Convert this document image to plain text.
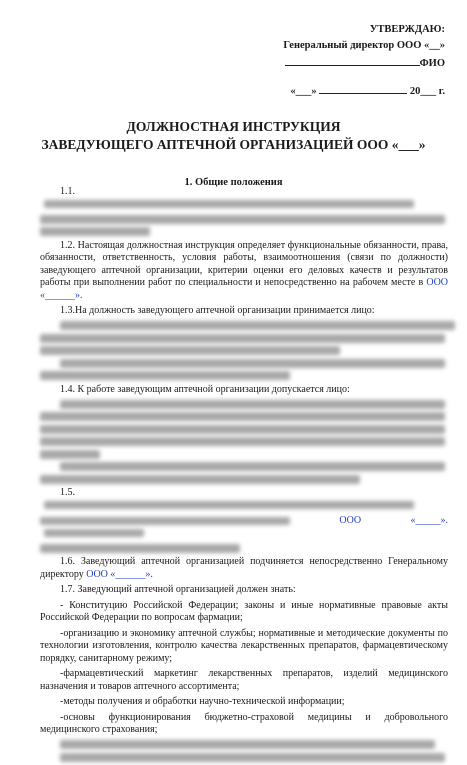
УТВЕРЖДАЮ:
Генеральный директор ООО «__»
ФИО
«___»	20___ г.
ДОЛЖНОСТНАЯ ИНСТРУКЦИЯ
ЗАВЕДУЮЩЕГО АПТЕЧНОЙ ОРГАНИЗАЦИЕЙ ООО «___»
1. Общие положения

1.1.

1.2. Настоящая должностная инструкция определяет функциональные обязанности, права, обязанности, ответственность, условия работы, взаимоотношения (связи по должности) заведующего аптечной организации, критерии оценки его деловых качеств и результатов работы при выполнении работ по специальности и непосредственно на рабочем месте в ООО «______».

1.3.На должность заведующего аптечной организации принимается лицо:

1.4. К работе заведующим аптечной организации допускается лицо:

1.5.

ООО «_____».

1.6. Заведующий аптечной организацией подчиняется непосредственно Генеральному директору ООО «______».

1.7. Заведующий аптечной организацией должен знать:

- Конституцию Российской Федерации; законы и иные нормативные правовые акты Российской Федерации по вопросам фармации;

-организацию и экономику аптечной службы; нормативные и методические документы по технологии изготовления, контролю качества лекарственных препаратов, фармацевтическому порядку, санитарному режиму;

-фармацевтический маркетинг лекарственных препаратов, изделий медицинского назначения и товаров аптечного ассортимента;

-методы получения и обработки научно-технической информации;

-основы функционирования бюджетно-страховой медицины и добровольного медицинского страхования;
